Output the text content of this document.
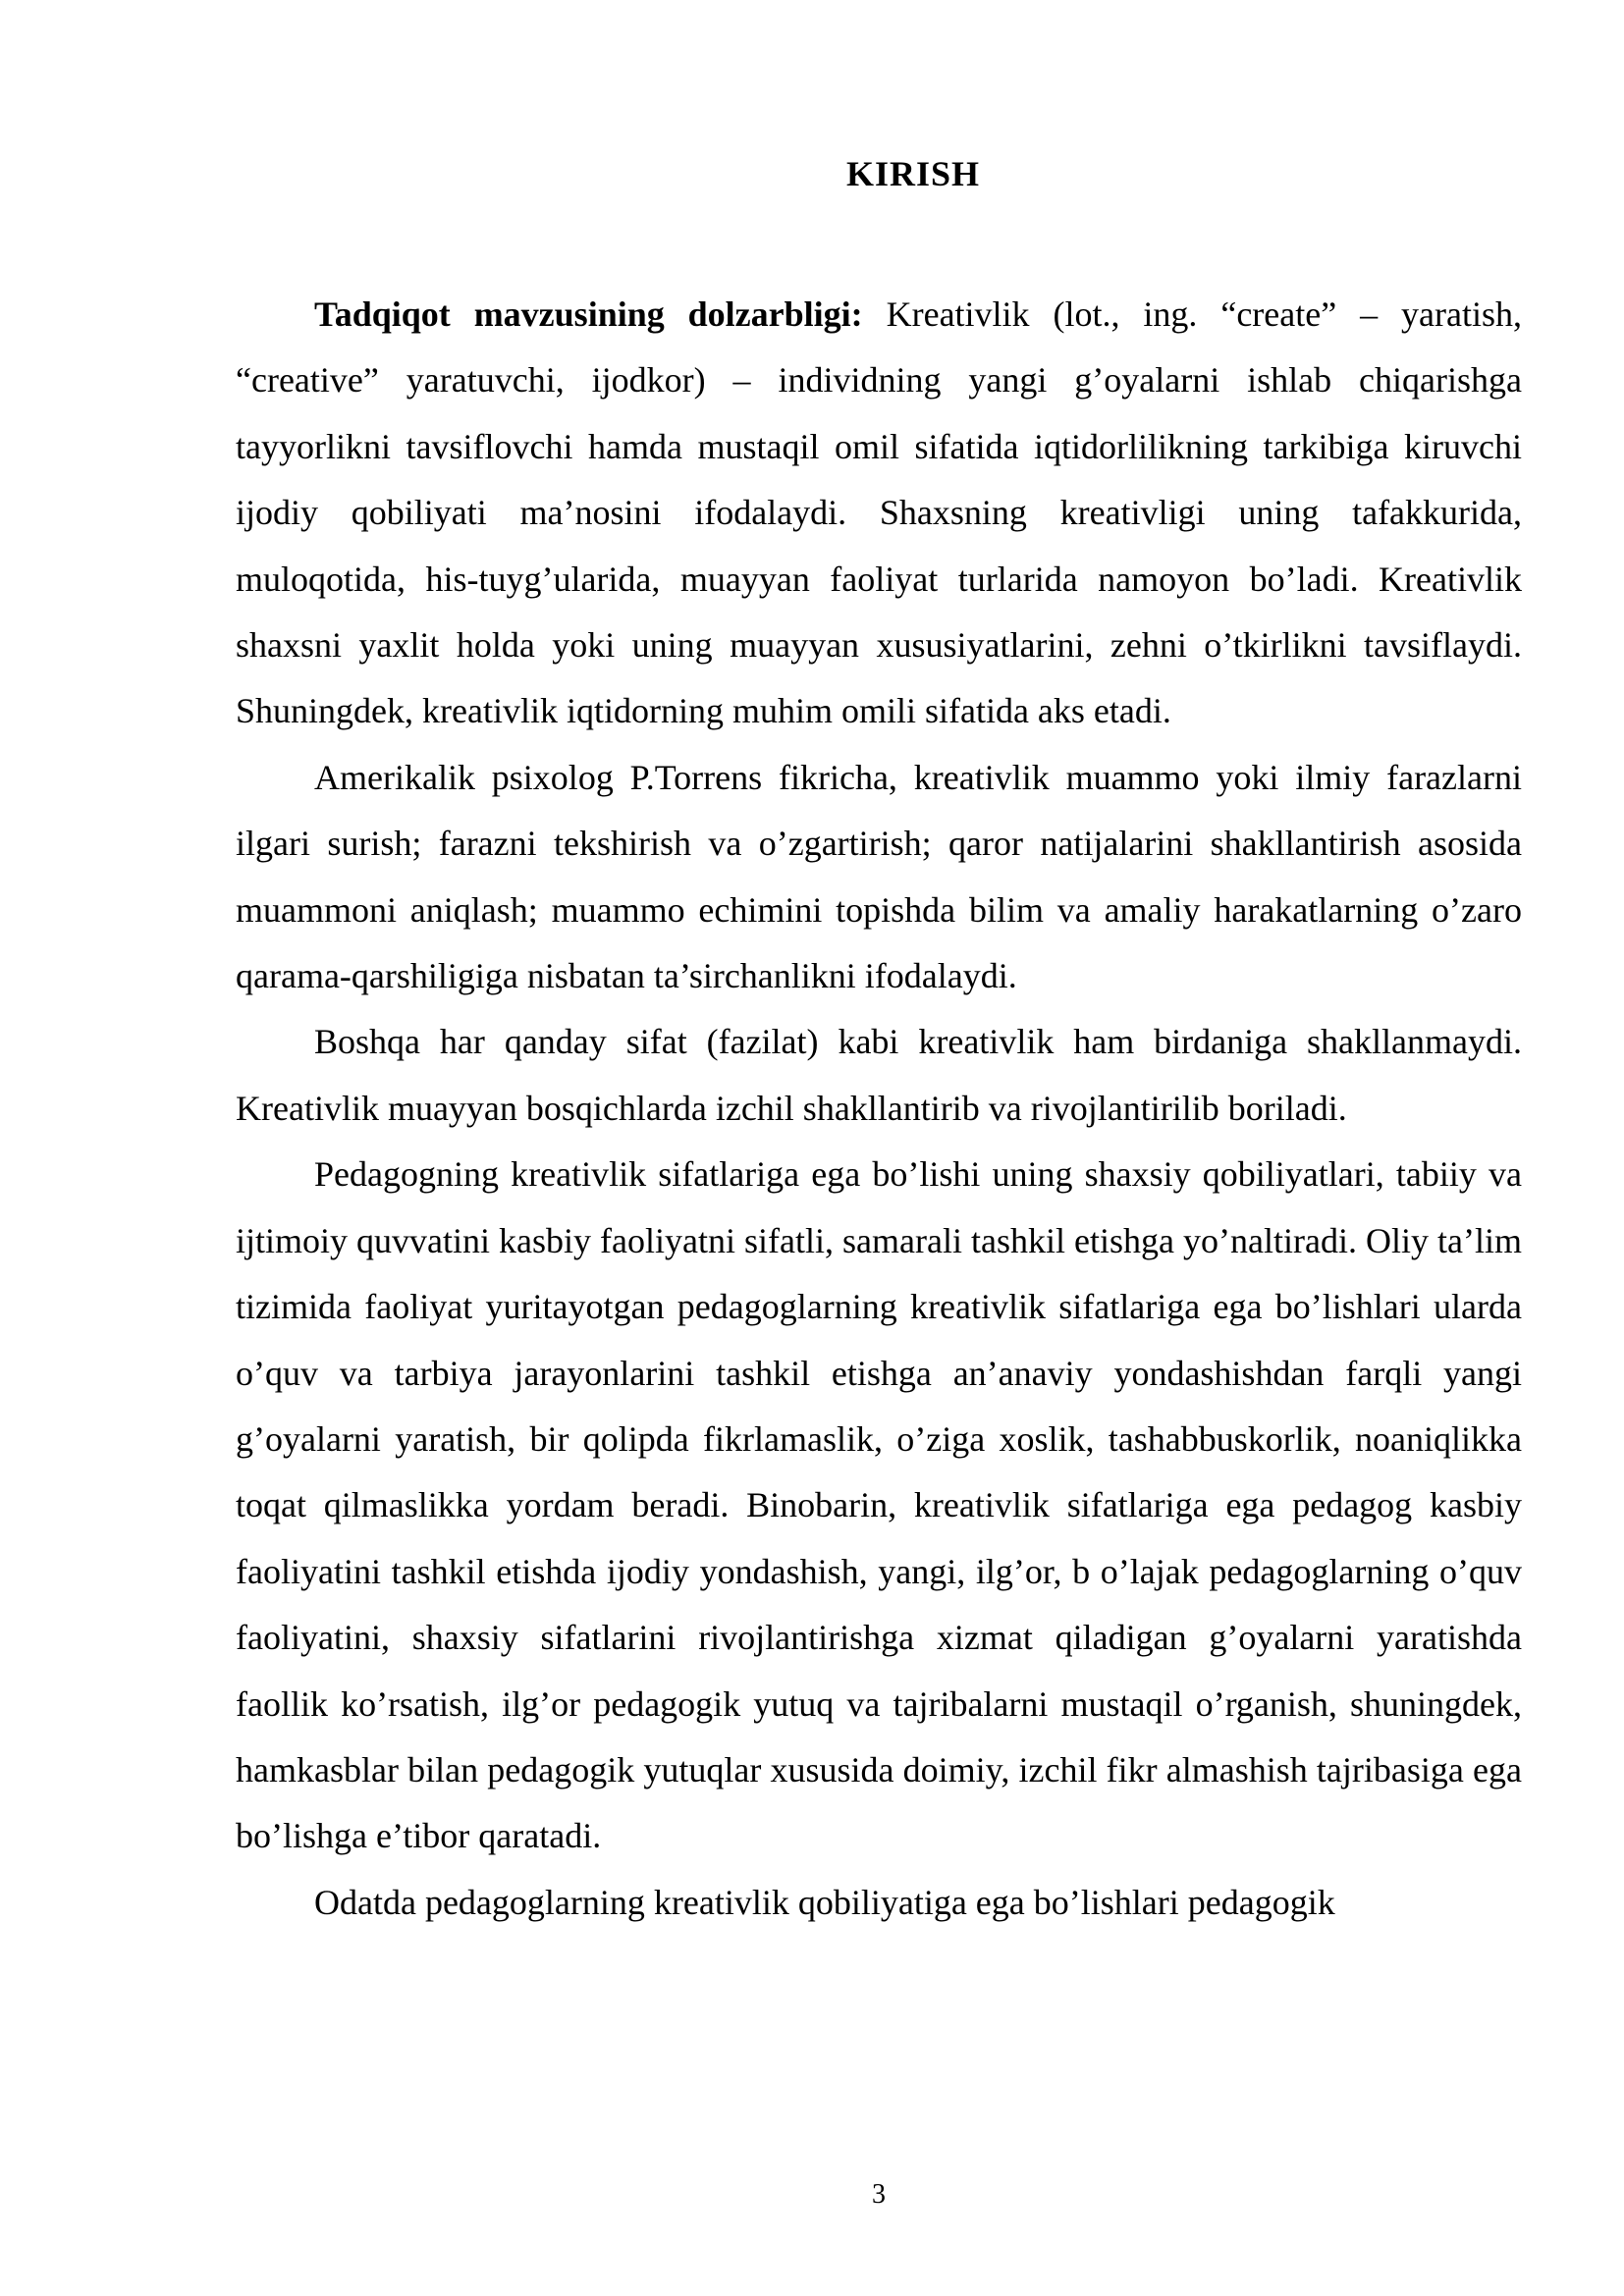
KIRISH

Tadqiqot mavzusining dolzarbligi: Kreativlik (lot., ing. “create” – yaratish, “creative” yaratuvchi, ijodkor) – individning yangi g’oyalarni ishlab chiqarishga tayyorlikni tavsiflovchi hamda mustaqil omil sifatida iqtidorlilikning tarkibiga kiruvchi ijodiy qobiliyati ma’nosini ifodalaydi. Shaxsning kreativligi uning tafakkurida, muloqotida, his-tuyg’ularida, muayyan faoliyat turlarida namoyon bo’ladi. Kreativlik shaxsni yaxlit holda yoki uning muayyan xususiyatlarini, zehni o’tkirlikni tavsiflaydi. Shuningdek, kreativlik iqtidorning muhim omili sifatida aks etadi.

Amerikalik psixolog P.Torrens fikricha, kreativlik muammo yoki ilmiy farazlarni ilgari surish; farazni tekshirish va o’zgartirish; qaror natijalarini shakllantirish asosida muammoni aniqlash; muammo echimini topishda bilim va amaliy harakatlarning o’zaro qarama-qarshiligiga nisbatan ta’sirchanlikni ifodalaydi.

Boshqa har qanday sifat (fazilat) kabi kreativlik ham birdaniga shakllanmaydi. Kreativlik muayyan bosqichlarda izchil shakllantirib va rivojlantirilib boriladi.

Pedagogning kreativlik sifatlariga ega bo’lishi uning shaxsiy qobiliyatlari, tabiiy va ijtimoiy quvvatini kasbiy faoliyatni sifatli, samarali tashkil etishga yo’naltiradi. Oliy ta’lim tizimida faoliyat yuritayotgan pedagoglarning kreativlik sifatlariga ega bo’lishlari ularda o’quv va tarbiya jarayonlarini tashkil etishga an’anaviy yondashishdan farqli yangi g’oyalarni yaratish, bir qolipda fikrlamaslik, o’ziga xoslik, tashabbuskorlik, noaniqlikka toqat qilmaslikka yordam beradi. Binobarin, kreativlik sifatlariga ega pedagog kasbiy faoliyatini tashkil etishda ijodiy yondashish, yangi, ilg’or, b o’lajak pedagoglarning o’quv faoliyatini, shaxsiy sifatlarini rivojlantirishga xizmat qiladigan g’oyalarni yaratishda faollik ko’rsatish, ilg’or pedagogik yutuq va tajribalarni mustaqil o’rganish, shuningdek, hamkasblar bilan pedagogik yutuqlar xususida doimiy, izchil fikr almashish tajribasiga ega bo’lishga e’tibor qaratadi.

Odatda pedagoglarning kreativlik qobiliyatiga ega bo’lishlari pedagogik

3
